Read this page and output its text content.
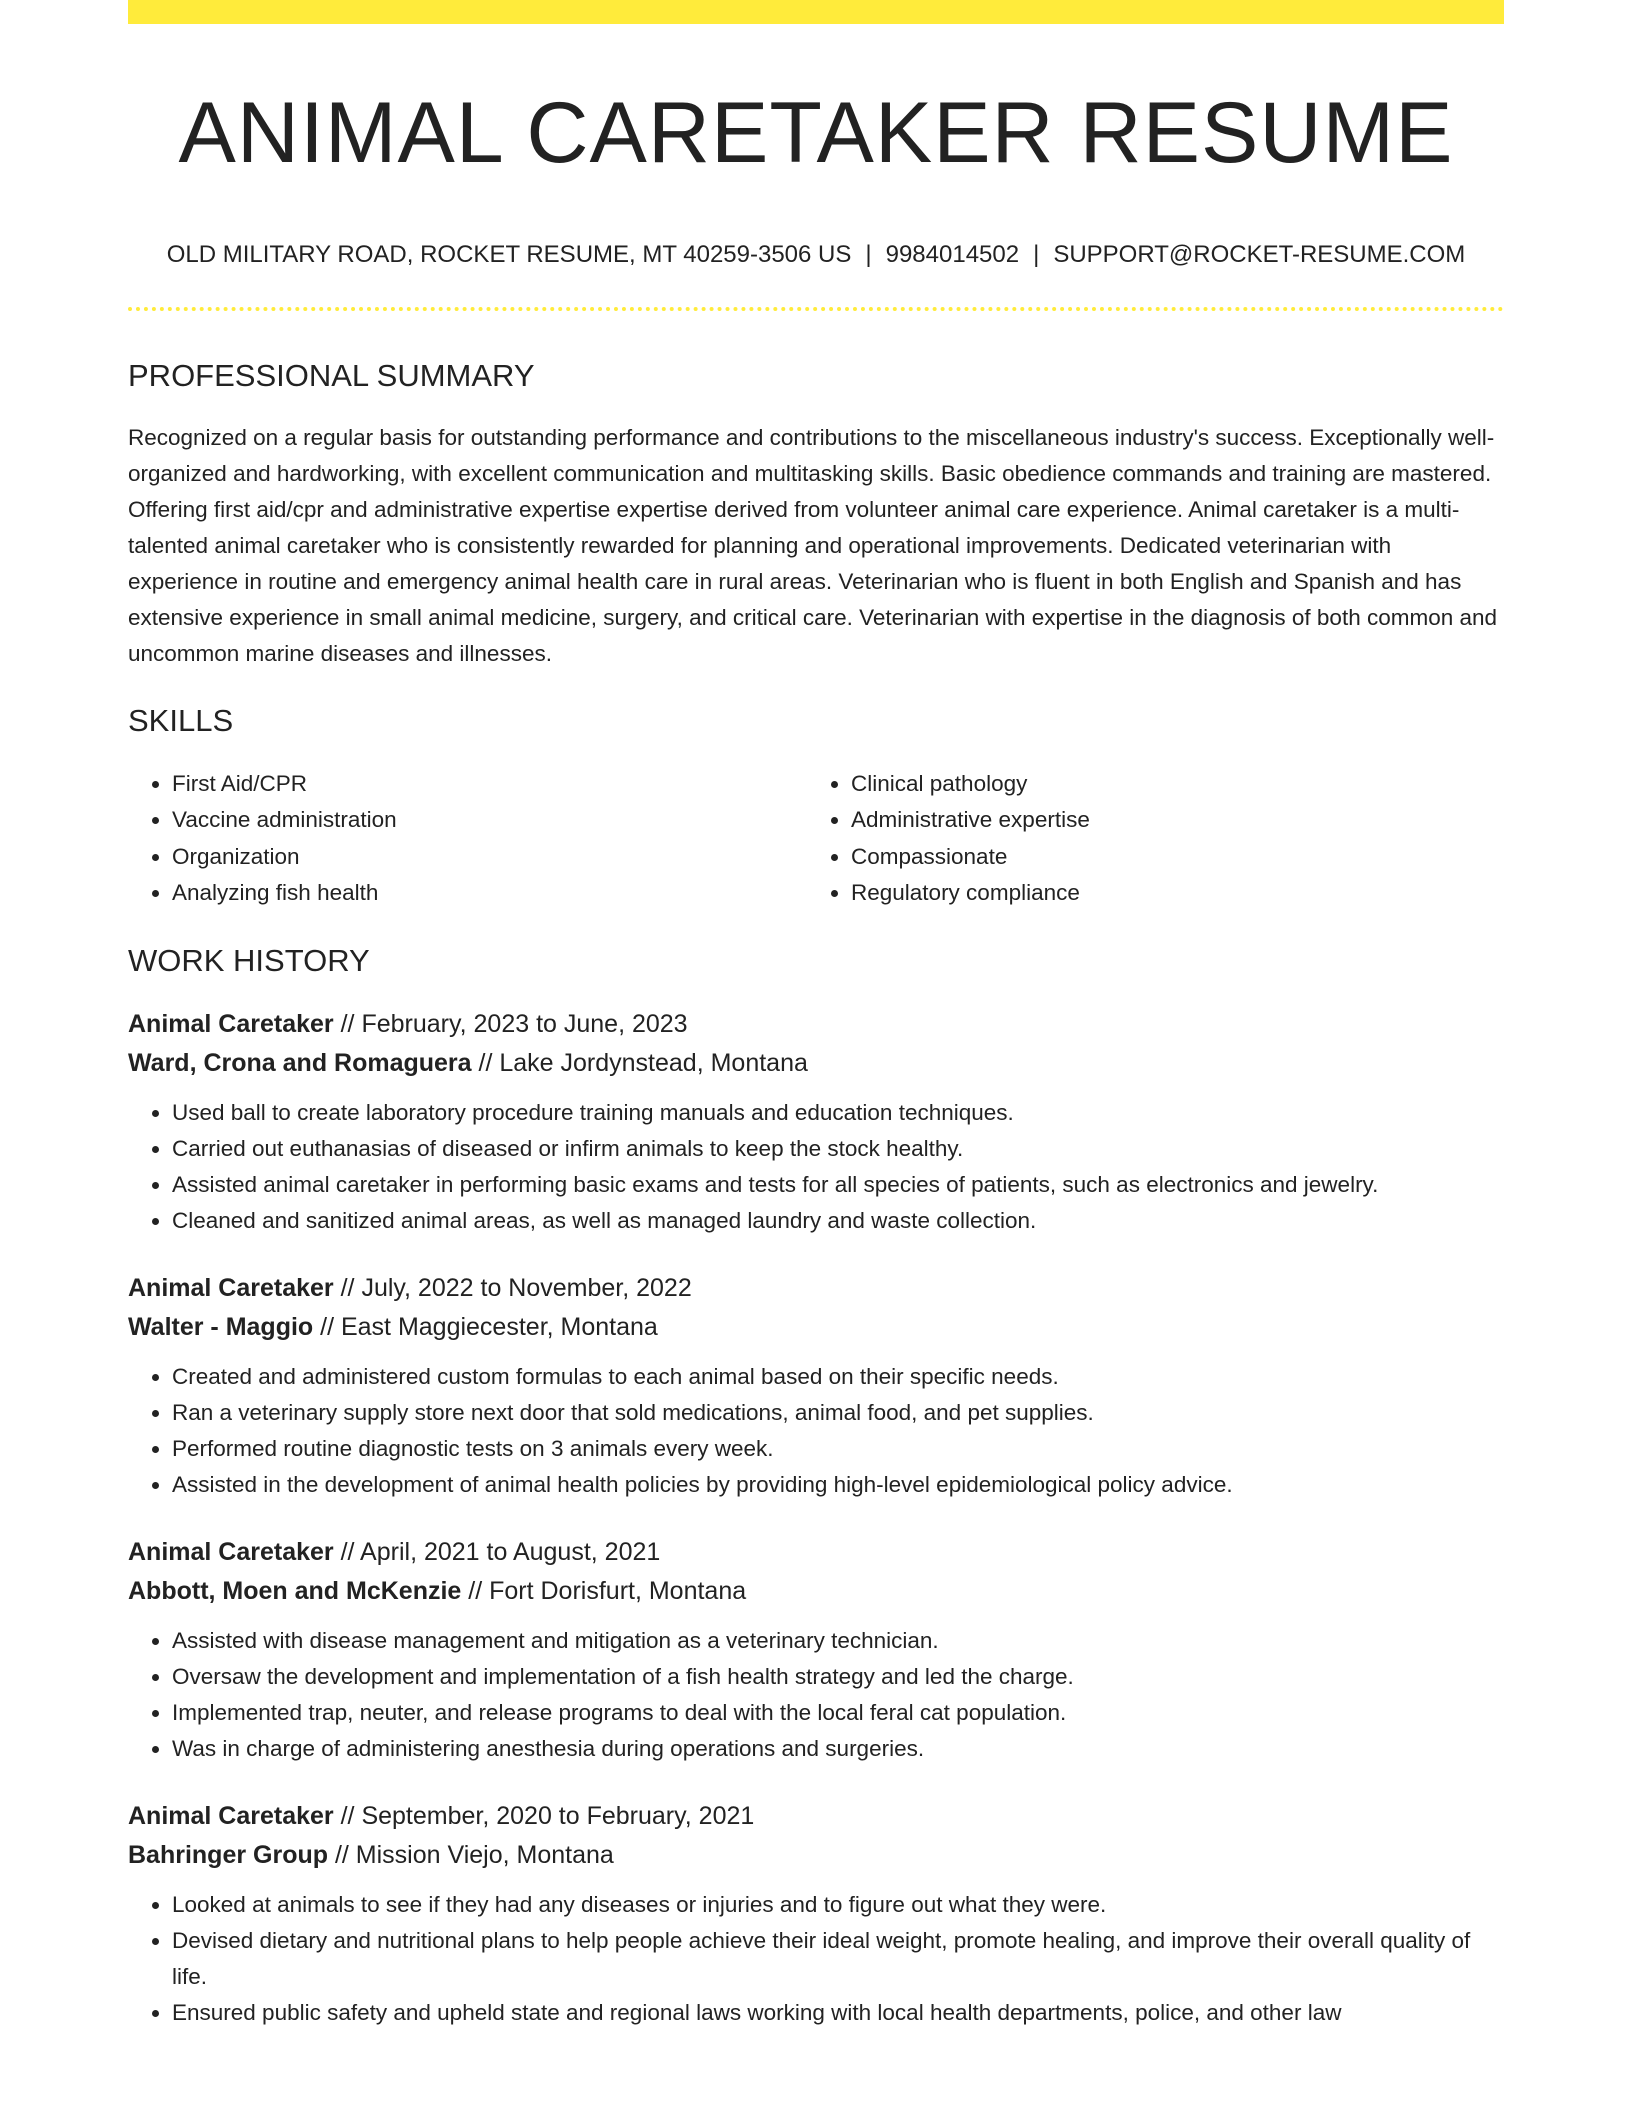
ANIMAL CARETAKER RESUME
OLD MILITARY ROAD, ROCKET RESUME, MT 40259-3506 US | 9984014502 | SUPPORT@ROCKET-RESUME.COM
PROFESSIONAL SUMMARY
Recognized on a regular basis for outstanding performance and contributions to the miscellaneous industry's success. Exceptionally well-organized and hardworking, with excellent communication and multitasking skills. Basic obedience commands and training are mastered. Offering first aid/cpr and administrative expertise expertise derived from volunteer animal care experience. Animal caretaker is a multi-talented animal caretaker who is consistently rewarded for planning and operational improvements. Dedicated veterinarian with experience in routine and emergency animal health care in rural areas. Veterinarian who is fluent in both English and Spanish and has extensive experience in small animal medicine, surgery, and critical care. Veterinarian with expertise in the diagnosis of both common and uncommon marine diseases and illnesses.
SKILLS
• First Aid/CPR
• Vaccine administration
• Organization
• Analyzing fish health
• Clinical pathology
• Administrative expertise
• Compassionate
• Regulatory compliance
WORK HISTORY
Animal Caretaker // February, 2023 to June, 2023
Ward, Crona and Romaguera // Lake Jordynstead, Montana
• Used ball to create laboratory procedure training manuals and education techniques.
• Carried out euthanasias of diseased or infirm animals to keep the stock healthy.
• Assisted animal caretaker in performing basic exams and tests for all species of patients, such as electronics and jewelry.
• Cleaned and sanitized animal areas, as well as managed laundry and waste collection.
Animal Caretaker // July, 2022 to November, 2022
Walter - Maggio // East Maggiecester, Montana
• Created and administered custom formulas to each animal based on their specific needs.
• Ran a veterinary supply store next door that sold medications, animal food, and pet supplies.
• Performed routine diagnostic tests on 3 animals every week.
• Assisted in the development of animal health policies by providing high-level epidemiological policy advice.
Animal Caretaker // April, 2021 to August, 2021
Abbott, Moen and McKenzie // Fort Dorisfurt, Montana
• Assisted with disease management and mitigation as a veterinary technician.
• Oversaw the development and implementation of a fish health strategy and led the charge.
• Implemented trap, neuter, and release programs to deal with the local feral cat population.
• Was in charge of administering anesthesia during operations and surgeries.
Animal Caretaker // September, 2020 to February, 2021
Bahringer Group // Mission Viejo, Montana
• Looked at animals to see if they had any diseases or injuries and to figure out what they were.
• Devised dietary and nutritional plans to help people achieve their ideal weight, promote healing, and improve their overall quality of life.
• Ensured public safety and upheld state and regional laws working with local health departments, police, and other law
